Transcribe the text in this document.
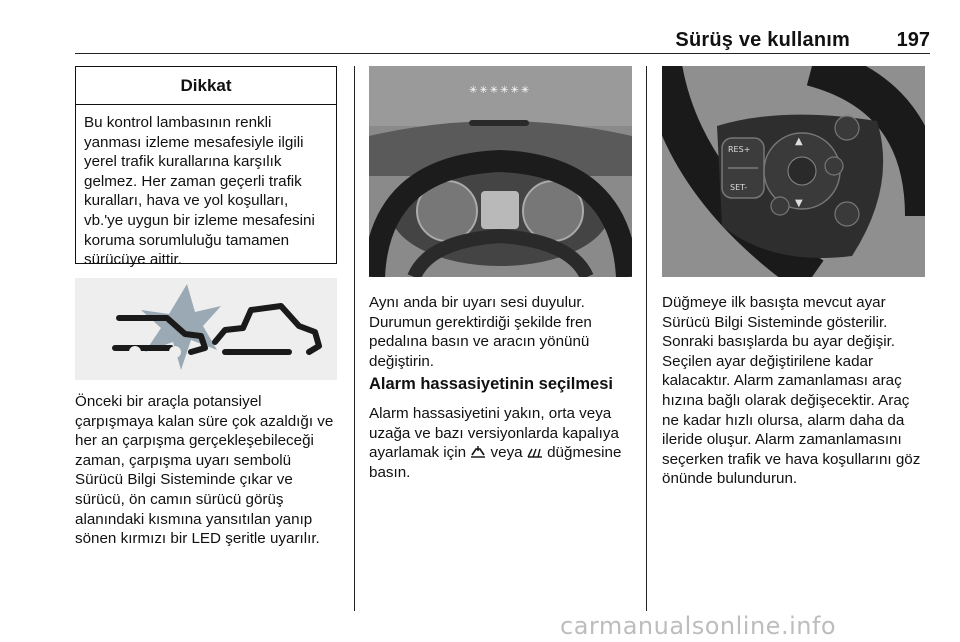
Sürüş ve kullanım	197
Dikkat
Bu kontrol lambasının renkli yanması izleme mesafesiyle ilgili yerel trafik kurallarına karşılık gelmez. Her zaman geçerli trafik kuralları, hava ve yol koşulları, vb.'ye uygun bir izleme mesafesini koruma sorumluluğu tamamen sürücüye aittir.
Önceki bir araçla potansiyel çarpışmaya kalan süre çok azaldığı ve her an çarpışma gerçekleşebileceği zaman, çarpışma uyarı sembolü Sürücü Bilgi Sisteminde çıkar ve sürücü, ön camın sürücü görüş alanındaki kısmına yansıtılan yanıp sönen kırmızı bir LED şeritle uyarılır.
✳✳✳✳✳✳
Aynı anda bir uyarı sesi duyulur. Durumun gerektirdiği şekilde fren pedalına basın ve aracın yönünü değiştirin.
Alarm hassasiyetinin seçilmesi
Alarm hassasiyetini yakın, orta veya uzağa ve bazı versiyonlarda kapalıya ayarlamak için veya düğmesine basın.
RES+
SET-
▲
▼
Düğmeye ilk basışta mevcut ayar Sürücü Bilgi Sisteminde gösterilir. Sonraki basışlarda bu ayar değişir. Seçilen ayar değiştirilene kadar kalacaktır. Alarm zamanlaması araç hızına bağlı olarak değişecektir. Araç ne kadar hızlı olursa, alarm daha da ileride oluşur. Alarm zamanlamasını seçerken trafik ve hava koşullarını göz önünde bulundurun.
carmanualsonline.info
